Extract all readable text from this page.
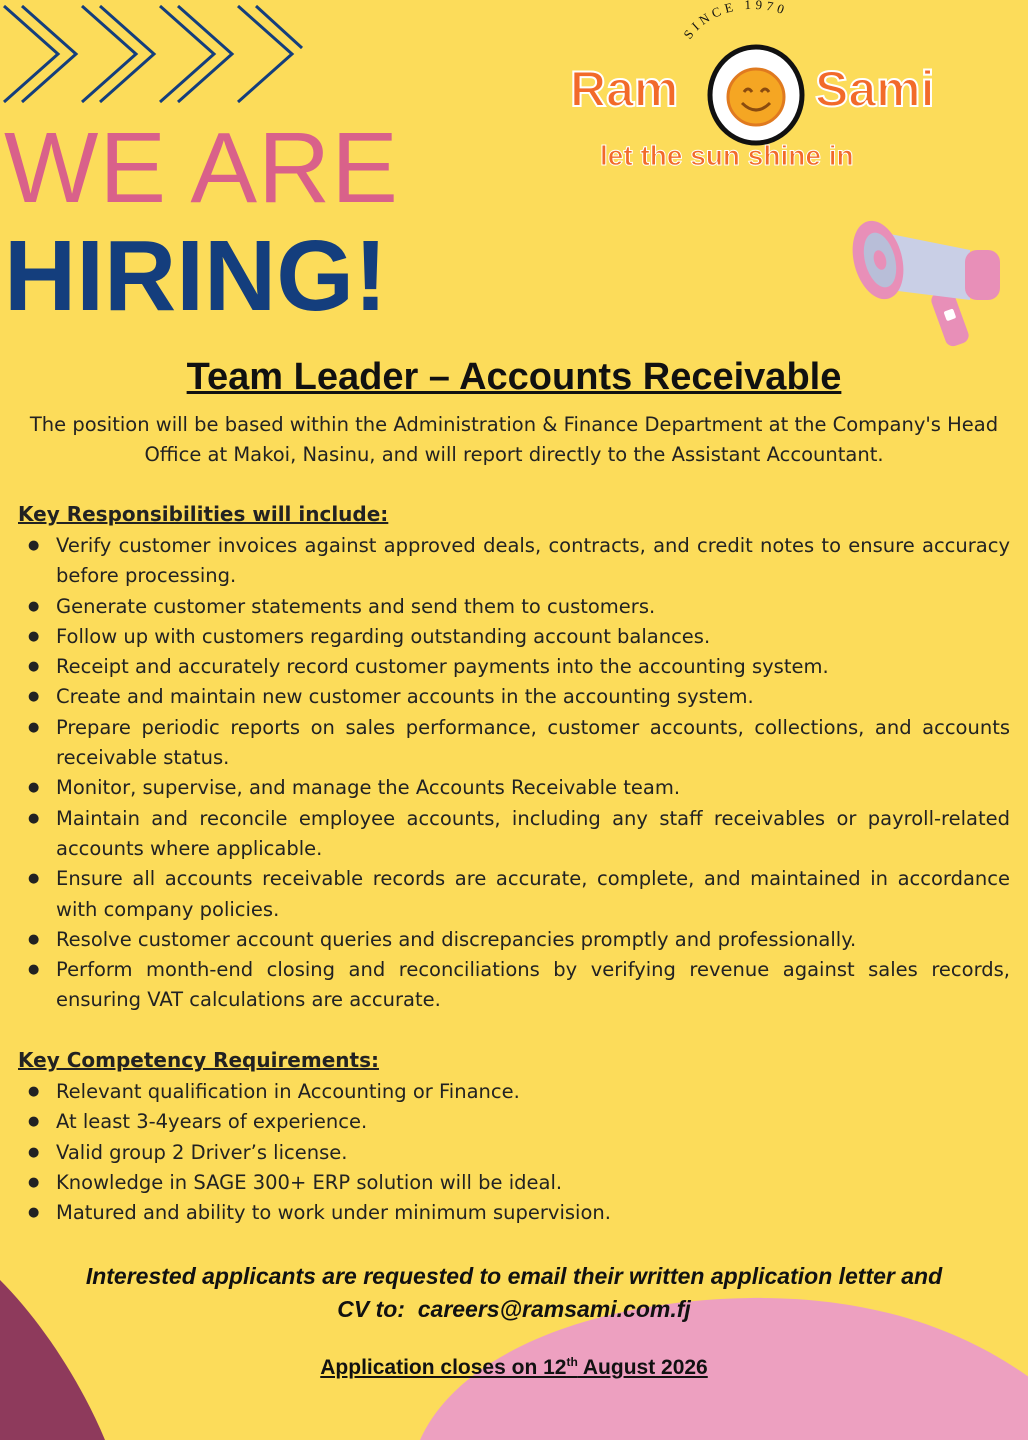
WE ARE
HIRING!
SINCE 1970
Ram	Sami
let the sun shine in
Team Leader – Accounts Receivable
The position will be based within the Administration & Finance Department at the Company's Head Office at Makoi, Nasinu, and will report directly to the Assistant Accountant.
Key Responsibilities will include:
● Verify customer invoices against approved deals, contracts, and credit notes to ensure accuracy before processing.
● Generate customer statements and send them to customers.
● Follow up with customers regarding outstanding account balances.
● Receipt and accurately record customer payments into the accounting system.
● Create and maintain new customer accounts in the accounting system.
● Prepare periodic reports on sales performance, customer accounts, collections, and accounts receivable status.
● Monitor, supervise, and manage the Accounts Receivable team.
● Maintain and reconcile employee accounts, including any staff receivables or payroll-related accounts where applicable.
● Ensure all accounts receivable records are accurate, complete, and maintained in accordance with company policies.
● Resolve customer account queries and discrepancies promptly and professionally.
● Perform month-end closing and reconciliations by verifying revenue against sales records, ensuring VAT calculations are accurate.
Key Competency Requirements:
● Relevant qualification in Accounting or Finance.
● At least 3-4years of experience.
● Valid group 2 Driver’s license.
● Knowledge in SAGE 300+ ERP solution will be ideal.
● Matured and ability to work under minimum supervision.
Interested applicants are requested to email their written application letter and
CV to:  careers@ramsami.com.fj
Application closes on 12th August 2026
